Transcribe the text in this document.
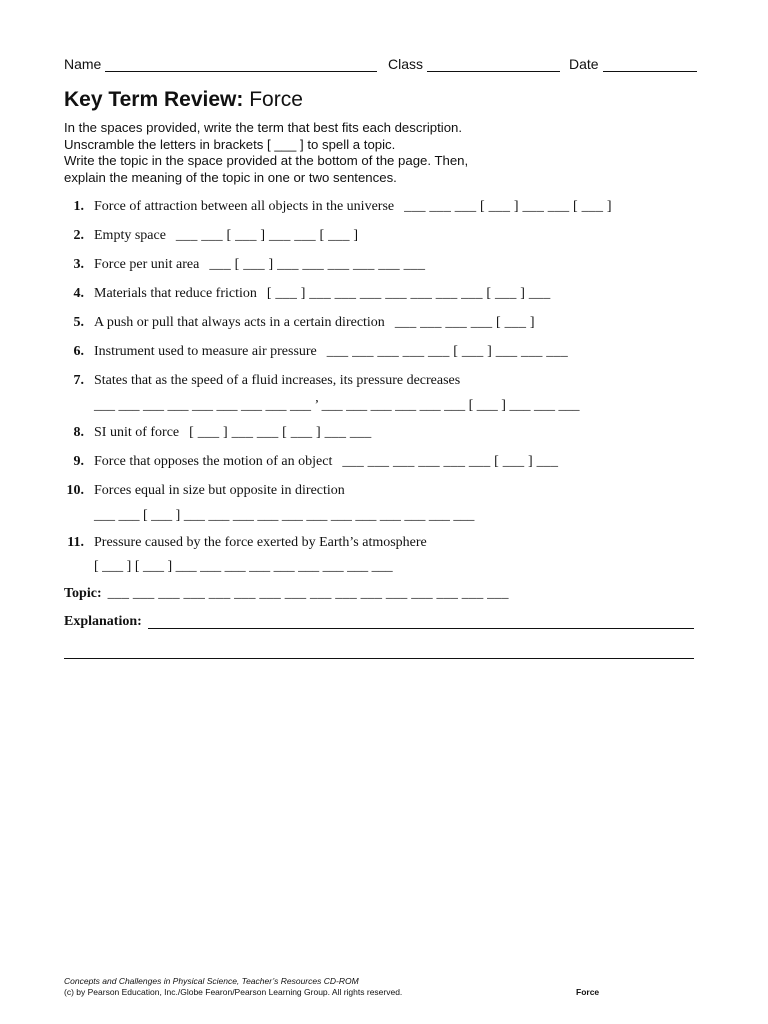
Name	Class	Date
Key Term Review: Force
In the spaces provided, write the term that best fits each description.
Unscramble the letters in brackets [ ___ ] to spell a topic.
Write the topic in the space provided at the bottom of the page. Then,
explain the meaning of the topic in one or two sentences.
1. Force of attraction between all objects in the universe ___ ___ ___ [ ___ ] ___ ___ [ ___ ]
2. Empty space ___ ___ [ ___ ] ___ ___ [ ___ ]
3. Force per unit area ___ [ ___ ] ___ ___ ___ ___ ___ ___
4. Materials that reduce friction [ ___ ] ___ ___ ___ ___ ___ ___ ___ [ ___ ] ___
5. A push or pull that always acts in a certain direction ___ ___ ___ ___ [ ___ ]
6. Instrument used to measure air pressure ___ ___ ___ ___ ___ [ ___ ] ___ ___ ___
7. States that as the speed of a fluid increases, its pressure decreases
___ ___ ___ ___ ___ ___ ___ ___ ___ ’ ___ ___ ___ ___ ___ ___ [ ___ ] ___ ___ ___
8. SI unit of force [ ___ ] ___ ___ [ ___ ] ___ ___
9. Force that opposes the motion of an object ___ ___ ___ ___ ___ ___ [ ___ ] ___
10. Forces equal in size but opposite in direction
___ ___ [ ___ ] ___ ___ ___ ___ ___ ___ ___ ___ ___ ___ ___ ___
11. Pressure caused by the force exerted by Earth’s atmosphere
[ ___ ] [ ___ ] ___ ___ ___ ___ ___ ___ ___ ___ ___
Topic: ___ ___ ___ ___ ___ ___ ___ ___ ___ ___ ___ ___ ___ ___ ___ ___
Explanation:
Concepts and Challenges in Physical Science, Teacher’s Resources CD-ROM
(c) by Pearson Education, Inc./Globe Fearon/Pearson Learning Group. All rights reserved.	Force
